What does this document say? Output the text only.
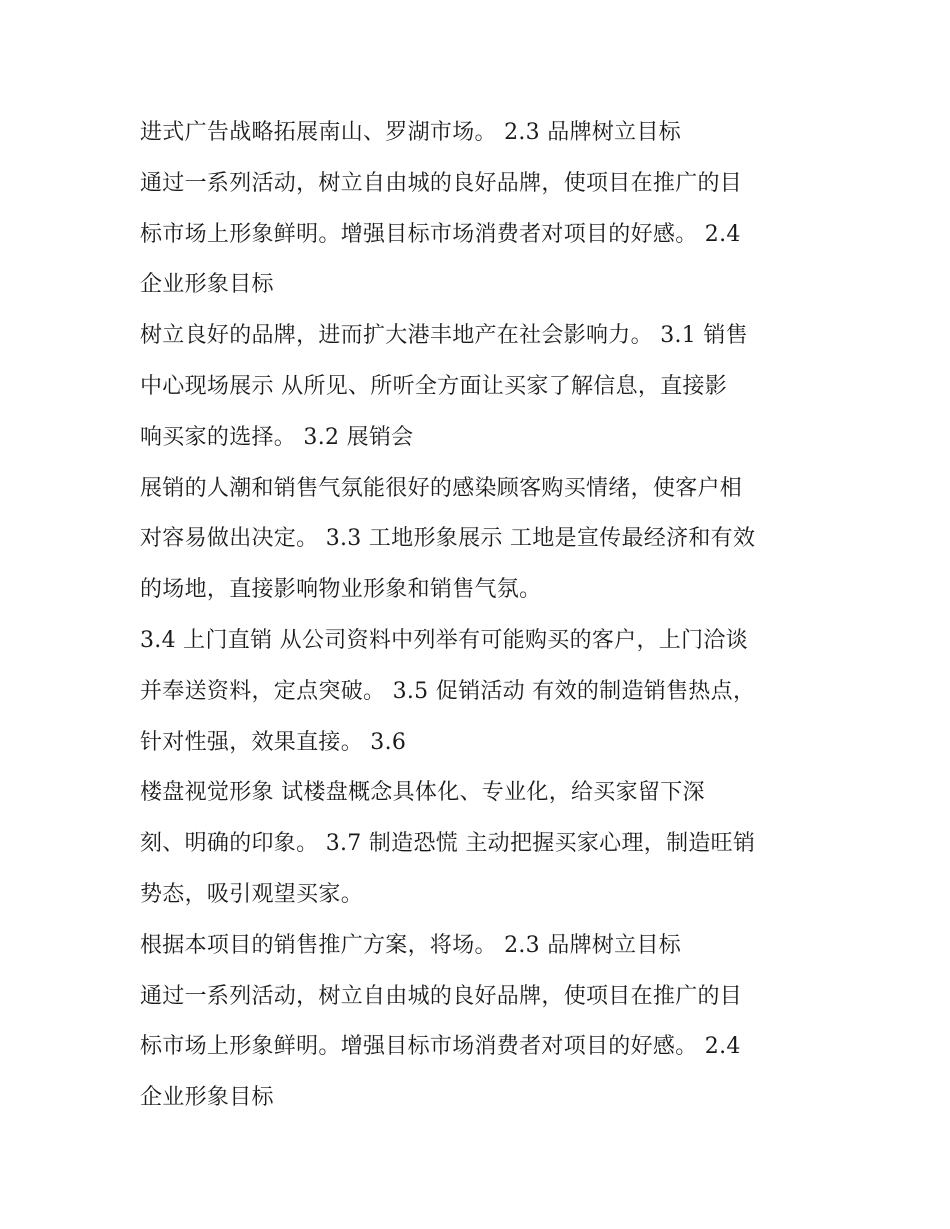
进式广告战略拓展南山、罗湖市场。 2.3 品牌树立目标
通过一系列活动，树立自由城的良好品牌，使项目在推广的目
标市场上形象鲜明。增强目标市场消费者对项目的好感。 2.4
企业形象目标
树立良好的品牌，进而扩大港丰地产在社会影响力。 3.1 销售
中心现场展示 从所见、所听全方面让买家了解信息，直接影
响买家的选择。 3.2 展销会
展销的人潮和销售气氛能很好的感染顾客购买情绪，使客户相
对容易做出决定。 3.3 工地形象展示 工地是宣传最经济和有效
的场地，直接影响物业形象和销售气氛。
3.4 上门直销 从公司资料中列举有可能购买的客户，上门洽谈
并奉送资料，定点突破。 3.5 促销活动 有效的制造销售热点，
针对性强，效果直接。 3.6
楼盘视觉形象 试楼盘概念具体化、专业化，给买家留下深
刻、明确的印象。 3.7 制造恐慌 主动把握买家心理，制造旺销
势态，吸引观望买家。
根据本项目的销售推广方案，将场。 2.3 品牌树立目标
通过一系列活动，树立自由城的良好品牌，使项目在推广的目
标市场上形象鲜明。增强目标市场消费者对项目的好感。 2.4
企业形象目标
